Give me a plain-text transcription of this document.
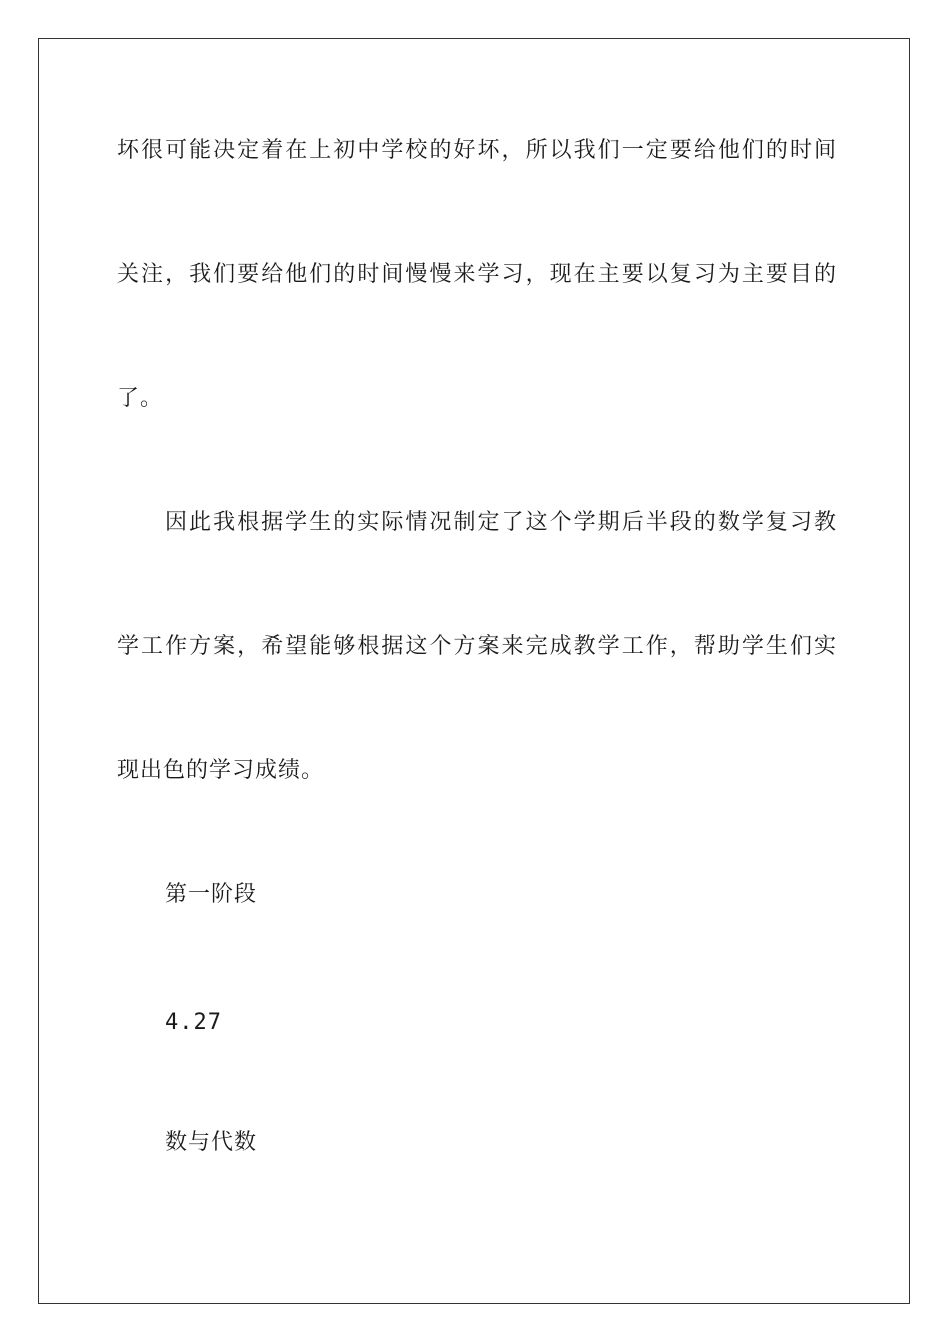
坏很可能决定着在上初中学校的好坏，所以我们一定要给他们的时间
关注，我们要给他们的时间慢慢来学习，现在主要以复习为主要目的
了。
因此我根据学生的实际情况制定了这个学期后半段的数学复习教
学工作方案，希望能够根据这个方案来完成教学工作，帮助学生们实
现出色的学习成绩。
第一阶段
4.27
数与代数
